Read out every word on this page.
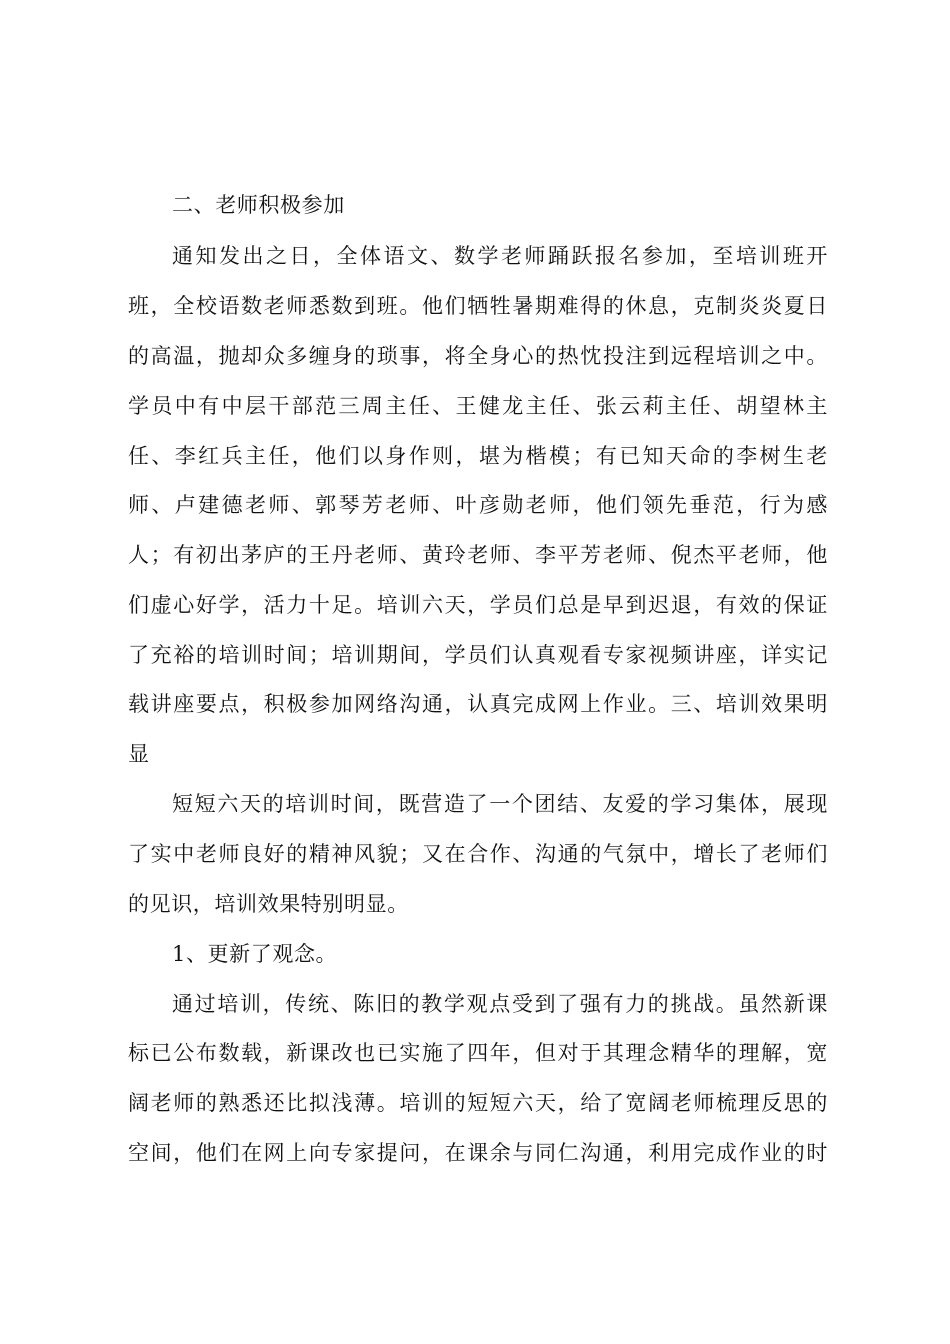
二、老师积极参加
通知发出之日，全体语文、数学老师踊跃报名参加，至培训班开
班，全校语数老师悉数到班。他们牺牲暑期难得的休息，克制炎炎夏日
的高温，抛却众多缠身的琐事，将全身心的热忱投注到远程培训之中。
学员中有中层干部范三周主任、王健龙主任、张云莉主任、胡望林主
任、李红兵主任，他们以身作则，堪为楷模；有已知天命的李树生老
师、卢建德老师、郭琴芳老师、叶彦勋老师，他们领先垂范，行为感
人；有初出茅庐的王丹老师、黄玲老师、李平芳老师、倪杰平老师，他
们虚心好学，活力十足。培训六天，学员们总是早到迟退，有效的保证
了充裕的培训时间；培训期间，学员们认真观看专家视频讲座，详实记
载讲座要点，积极参加网络沟通，认真完成网上作业。三、培训效果明
显
短短六天的培训时间，既营造了一个团结、友爱的学习集体，展现
了实中老师良好的精神风貌；又在合作、沟通的气氛中，增长了老师们
的见识，培训效果特别明显。
1、更新了观念。
通过培训，传统、陈旧的教学观点受到了强有力的挑战。虽然新课
标已公布数载，新课改也已实施了四年，但对于其理念精华的理解，宽
阔老师的熟悉还比拟浅薄。培训的短短六天，给了宽阔老师梳理反思的
空间，他们在网上向专家提问，在课余与同仁沟通，利用完成作业的时
